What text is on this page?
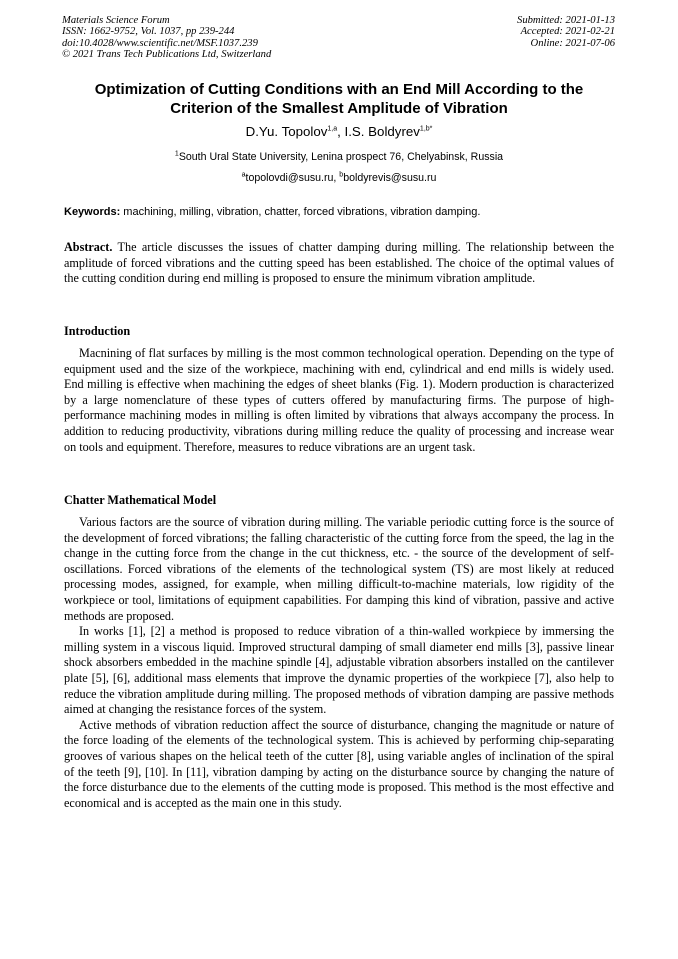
Materials Science Forum
ISSN: 1662-9752, Vol. 1037, pp 239-244
doi:10.4028/www.scientific.net/MSF.1037.239
© 2021 Trans Tech Publications Ltd, Switzerland
Submitted: 2021-01-13
Accepted: 2021-02-21
Online: 2021-07-06
Optimization of Cutting Conditions with an End Mill According to the
Criterion of the Smallest Amplitude of Vibration
D.Yu. Topolov$^{1,a}$, I.S. Boldyrev$^{1,b*}$
$^1$South Ural State University, Lenina prospect 76, Chelyabinsk, Russia
$^a$topolovdi@susu.ru, $^b$boldyrevis@susu.ru
Keywords: machining, milling, vibration, chatter, forced vibrations, vibration damping.

Abstract. The article discusses the issues of chatter damping during milling. The relationship between the amplitude of forced vibrations and the cutting speed has been established. The choice of the optimal values of the cutting condition during end milling is proposed to ensure the minimum vibration amplitude.

Introduction

Macnining of flat surfaces by milling is the most common technological operation. Depending on the type of equipment used and the size of the workpiece, machining with end, cylindrical and end mills is widely used. End milling is effective when machining the edges of sheet blanks (Fig. 1). Modern production is characterized by a large nomenclature of these types of cutters offered by manufacturing firms. The purpose of high-performance machining modes in milling is often limited by vibrations that always accompany the process. In addition to reducing productivity, vibrations during milling reduce the quality of processing and increase wear on tools and equipment. Therefore, measures to reduce vibrations are an urgent task.

Chatter Mathematical Model

Various factors are the source of vibration during milling. The variable periodic cutting force is the source of the development of forced vibrations; the falling characteristic of the cutting force from the speed, the lag in the change in the cutting force from the change in the cut thickness, etc. - the source of the development of self-oscillations. Forced vibrations of the elements of the technological system (TS) are most likely at reduced processing modes, assigned, for example, when milling difficult-to-machine materials, low rigidity of the workpiece or tool, limitations of equipment capabilities. For damping this kind of vibration, passive and active methods are proposed.

In works [1], [2] a method is proposed to reduce vibration of a thin-walled workpiece by immersing the milling system in a viscous liquid. Improved structural damping of small diameter end mills [3], passive linear shock absorbers embedded in the machine spindle [4], adjustable vibration absorbers installed on the cantilever plate [5], [6], additional mass elements that improve the dynamic properties of the workpiece [7], also help to reduce the vibration amplitude during milling. The proposed methods of vibration damping are passive methods aimed at changing the resistance forces of the system.

Active methods of vibration reduction affect the source of disturbance, changing the magnitude or nature of the force loading of the elements of the technological system. This is achieved by performing chip-separating grooves of various shapes on the helical teeth of the cutter [8], using variable angles of inclination of the spiral of the teeth [9], [10]. In [11], vibration damping by acting on the disturbance source by changing the nature of the force disturbance due to the elements of the cutting mode is proposed. This method is the most effective and economical and is accepted as the main one in this study.
